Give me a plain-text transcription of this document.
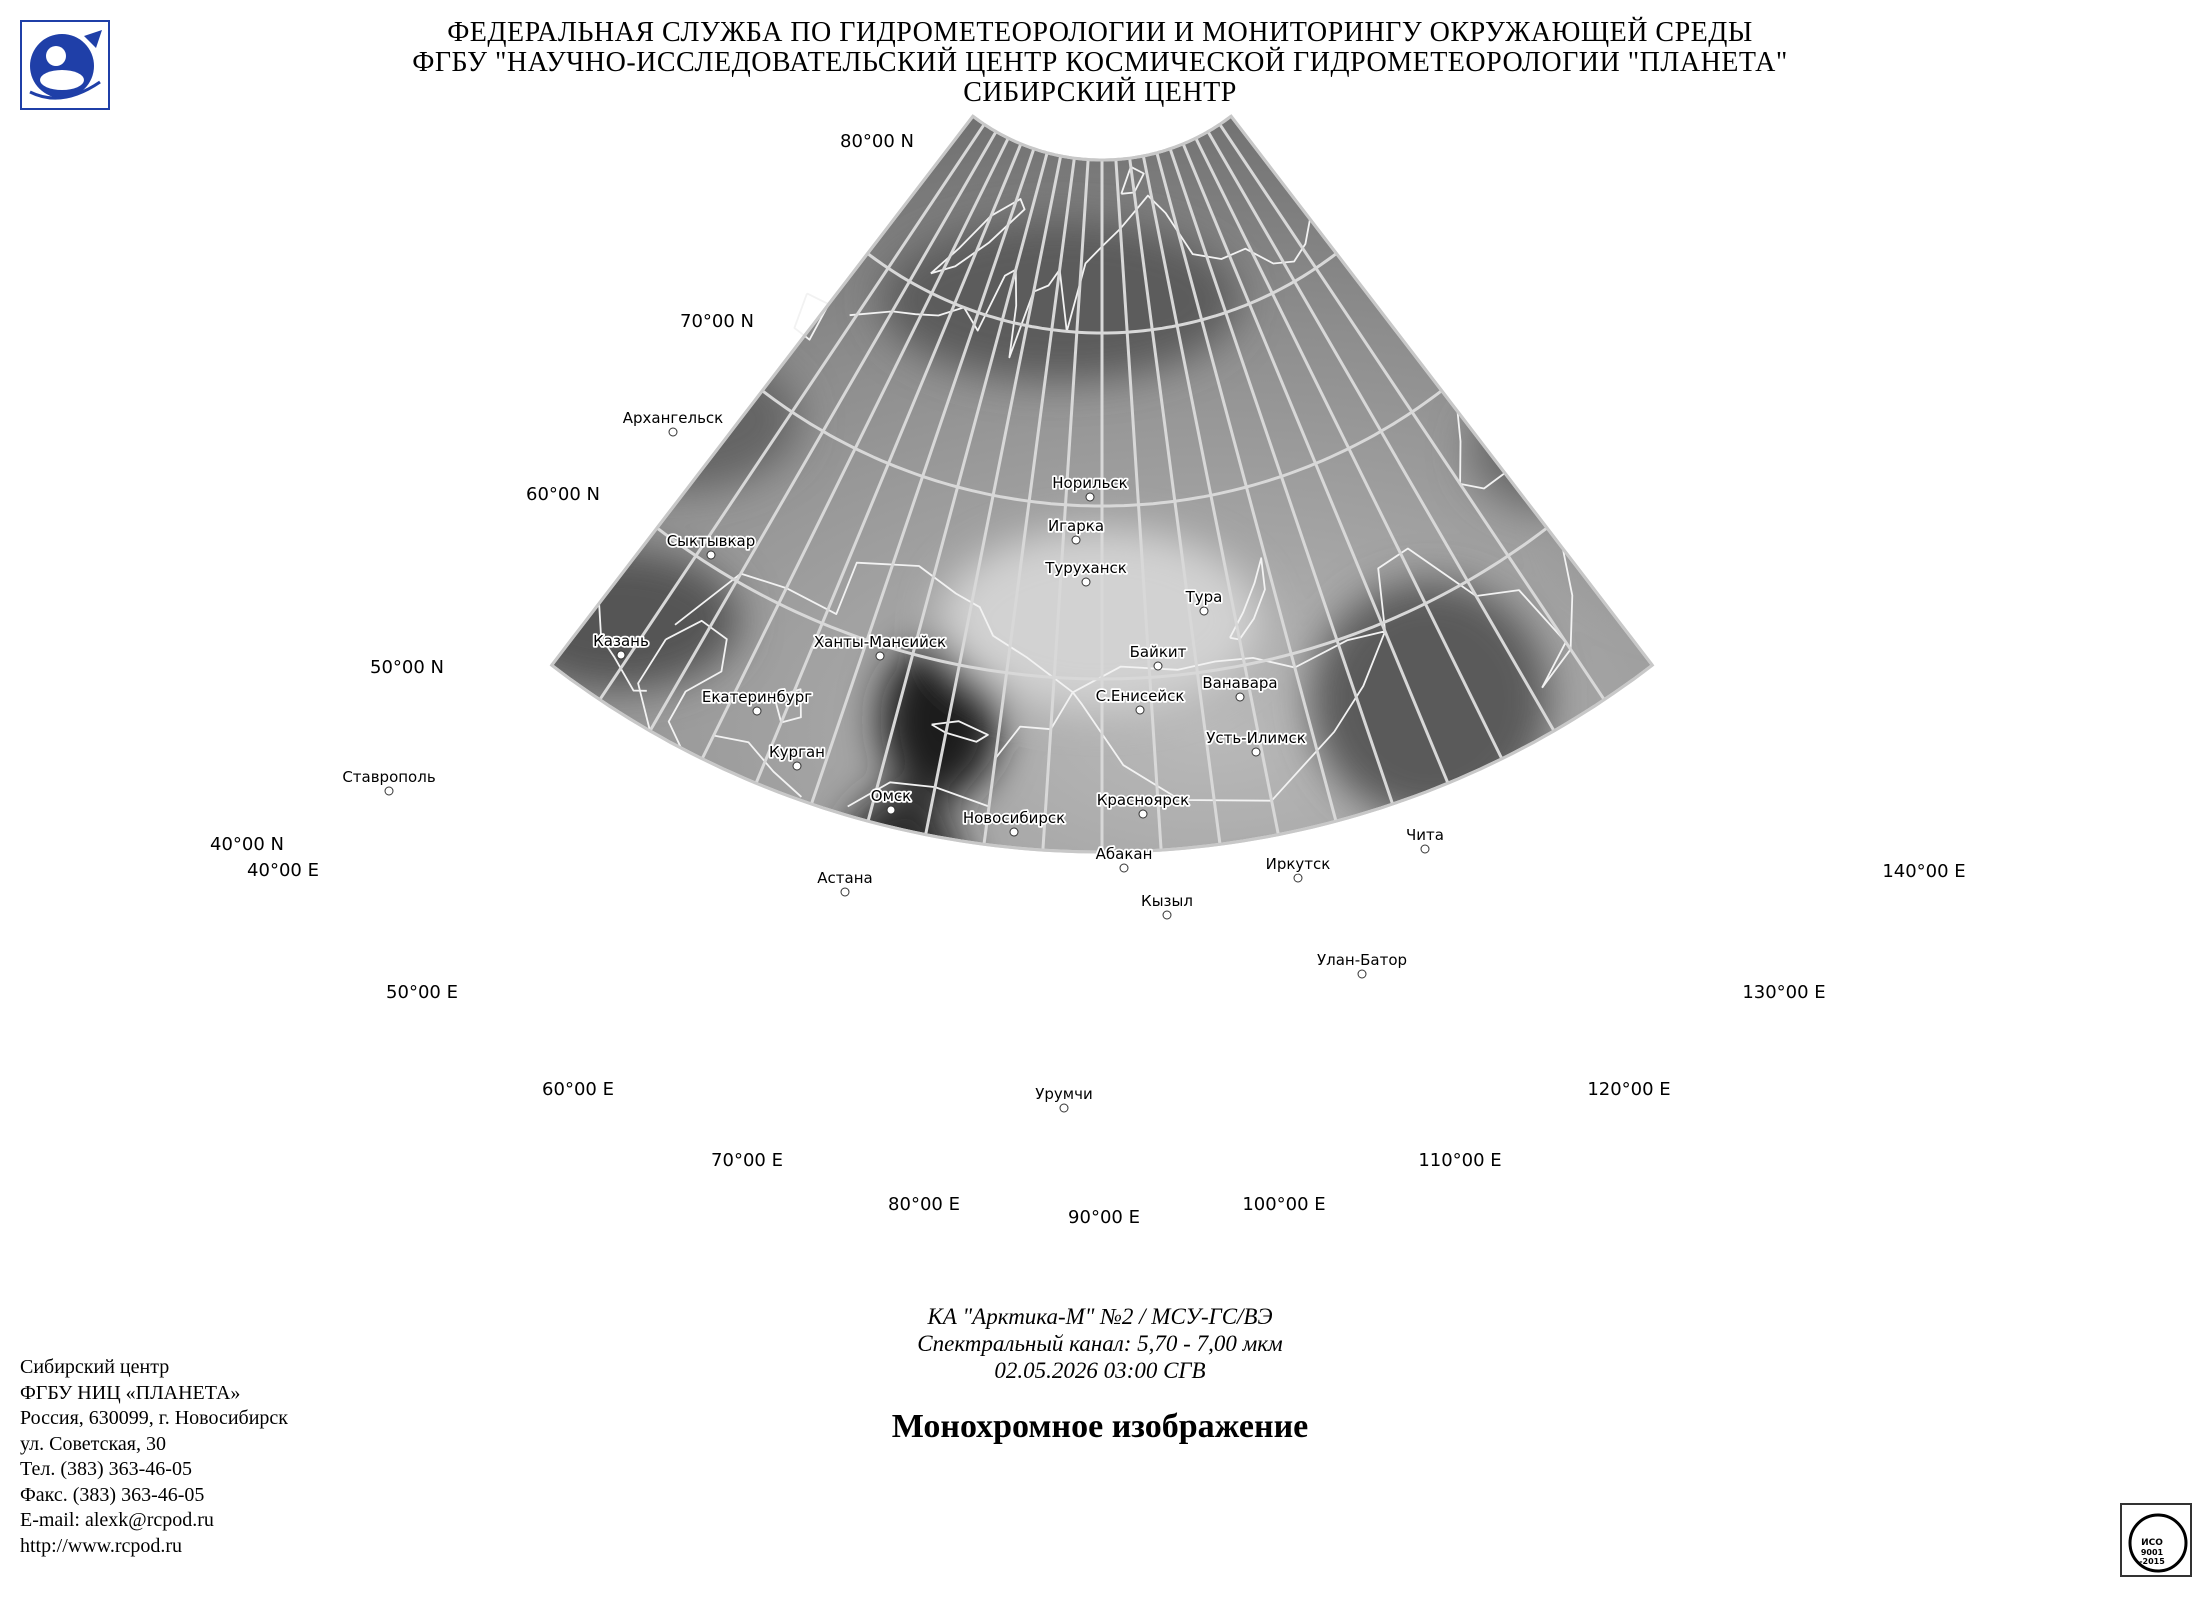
ФЕДЕРАЛЬНАЯ СЛУЖБА ПО ГИДРОМЕТЕОРОЛОГИИ И МОНИТОРИНГУ ОКРУЖАЮЩЕЙ СРЕДЫ
ФГБУ "НАУЧНО-ИССЛЕДОВАТЕЛЬСКИЙ ЦЕНТР КОСМИЧЕСКОЙ ГИДРОМЕТЕОРОЛОГИИ "ПЛАНЕТА"
СИБИРСКИЙ ЦЕНТР
Архангельск
Сыктывкар
Казань
Ставрополь
Екатеринбург
Курган
Ханты-Мансийск
Омск
Астана
Новосибирск
Норильск
Игарка
Туруханск
Тура
Байкит
Ванавара
С.Енисейск
Усть-Илимск
Красноярск
Абакан
Кызыл
Иркутск
Чита
Улан-Батор
Урумчи
80°00 N
70°00 N
60°00 N
50°00 N
40°00 N
40°00 E
50°00 E
60°00 E
70°00 E
80°00 E
90°00 E
100°00 E
110°00 E
120°00 E
130°00 E
140°00 E
КА "Арктика-М" №2 / МСУ-ГС/ВЭ
Спектральный канал: 5,70 - 7,00 мкм
02.05.2026 03:00 СГВ
Монохромное изображение
Сибирский центр
ФГБУ НИЦ «ПЛАНЕТА»
Россия, 630099, г. Новосибирск
ул. Советская, 30
Тел. (383) 363-46-05
Факс. (383) 363-46-05
E-mail: alexk@rcpod.ru
http://www.rcpod.ru	ИСО
9001
-2015
